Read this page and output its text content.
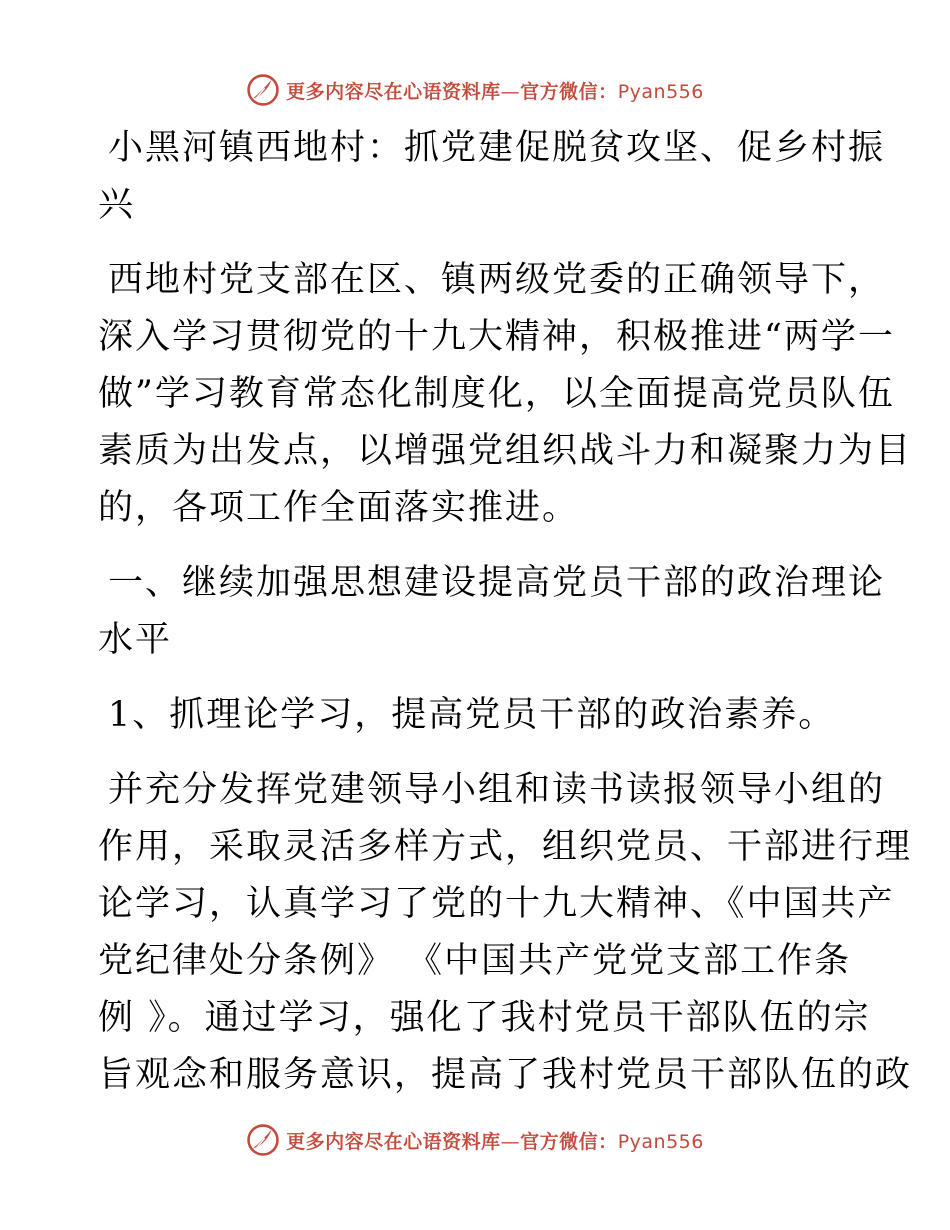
更多内容尽在心语资料库—官方微信：Pyan556
小黑河镇西地村：抓党建促脱贫攻坚、促乡村振
兴
西地村党支部在区、镇两级党委的正确领导下，
深入学习贯彻党的十九大精神，积极推进“两学一
做”学习教育常态化制度化，以全面提高党员队伍
素质为出发点，以增强党组织战斗力和凝聚力为目
的，各项工作全面落实推进。
一、继续加强思想建设提高党员干部的政治理论
水平
1、抓理论学习，提高党员干部的政治素养。
并充分发挥党建领导小组和读书读报领导小组的
作用，采取灵活多样方式，组织党员、干部进行理
论学习，认真学习了党的十九大精神、《中国共产
党纪律处分条例》 《中国共产党党支部工作条
例 》。通过学习，强化了我村党员干部队伍的宗
旨观念和服务意识，提高了我村党员干部队伍的政
更多内容尽在心语资料库—官方微信：Pyan556
